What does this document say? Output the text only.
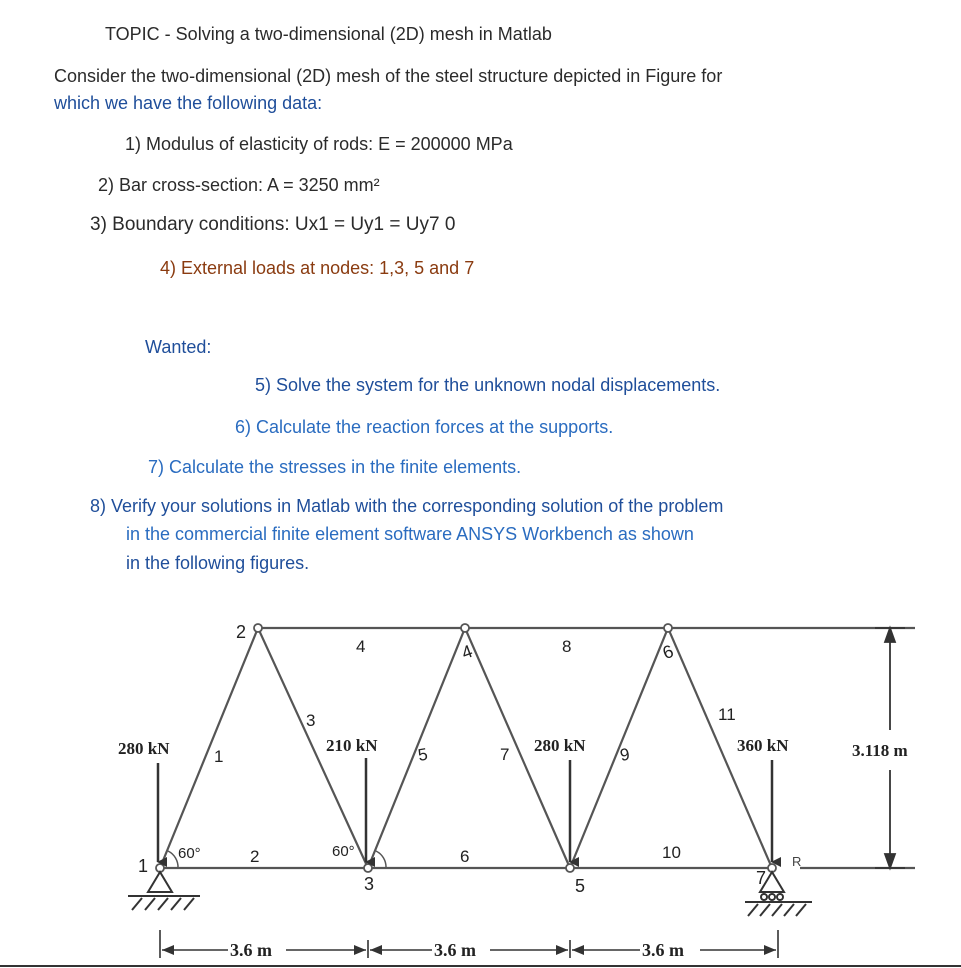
TOPIC - Solving a two-dimensional (2D) mesh in Matlab
Consider the two-dimensional (2D) mesh of the steel structure depicted in Figure for
which we have the following data:
1) Modulus of elasticity of rods: E = 200000 MPa
2) Bar cross-section: A = 3250 mm²
3) Boundary conditions: Ux1 = Uy1 = Uy7 0
4) External loads at nodes: 1,3, 5 and 7
Wanted:
5) Solve the system for the unknown nodal displacements.
6) Calculate the reaction forces at the supports.
7) Calculate the stresses in the finite elements.
8) Verify your solutions in Matlab with the corresponding solution of the problem
in the commercial finite element software ANSYS Workbench as shown
in the following figures.
1
2
3
4
5
6
7
1
2
3
4
5
6
7
8
9
10
11
60°	60°
280 kN	210 kN	280 kN	360 kN	3.118 m
3.6 m	3.6 m	3.6 m
R
